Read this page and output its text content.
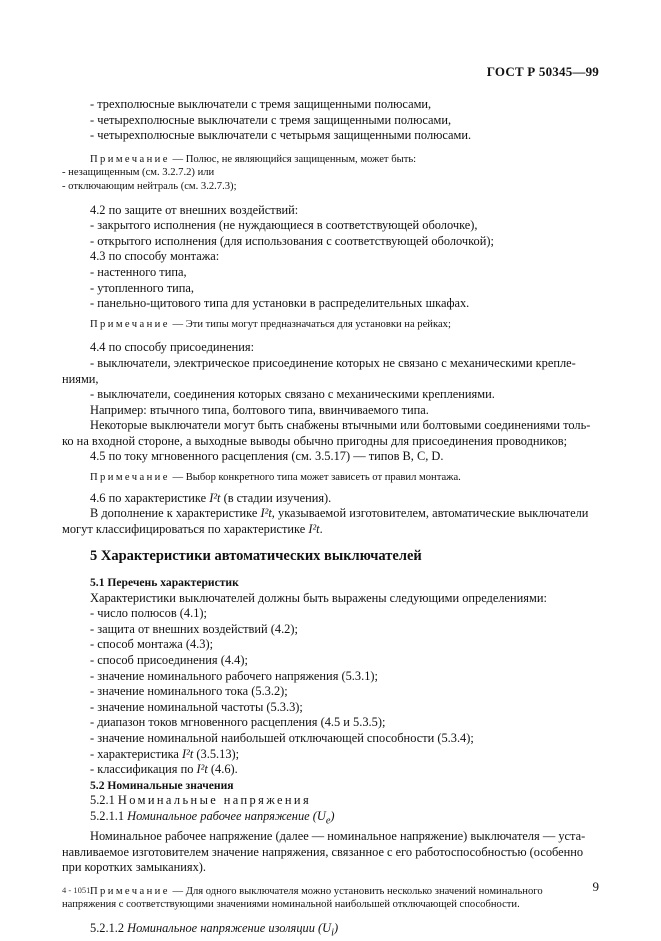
ГОСТ Р 50345—99

- трехполюсные выключатели с тремя защищенными полюсами,

- четырехполюсные выключатели с тремя защищенными полюсами,

- четырехполюсные выключатели с четырьмя защищенными полюсами.

Примечание — Полюс, не являющийся защищенным, может быть:

- незащищенным (см. 3.2.7.2) или

- отключающим нейтраль (см. 3.2.7.3);

4.2 по защите от внешних воздействий:

- закрытого исполнения (не нуждающиеся в соответствующей оболочке),

- открытого исполнения (для использования с соответствующей оболочкой);

4.3 по способу монтажа:

- настенного типа,

- утопленного типа,

- панельно-щитового типа для установки в распределительных шкафах.

Примечание — Эти типы могут предназначаться для установки на рейках;

4.4 по способу присоединения:

- выключатели, электрическое присоединение которых не связано с механическими крепле-ниями,

- выключатели, соединения которых связано с механическими креплениями.

Например: втычного типа, болтового типа, ввинчиваемого типа.

Некоторые выключатели могут быть снабжены втычными или болтовыми соединениями толь-ко на входной стороне, а выходные выводы обычно пригодны для присоединения проводников;

4.5 по току мгновенного расцепления (см. 3.5.17) — типов B, C, D.

Примечание — Выбор конкретного типа может зависеть от правил монтажа.

4.6 по характеристике I²t (в стадии изучения).

В дополнение к характеристике I²t, указываемой изготовителем, автоматические выключатели могут классифицироваться по характеристике I²t.

5 Характеристики автоматических выключателей

5.1 Перечень характеристик

Характеристики выключателей должны быть выражены следующими определениями:

- число полюсов (4.1);

- защита от внешних воздействий (4.2);

- способ монтажа (4.3);

- способ присоединения (4.4);

- значение номинального рабочего напряжения (5.3.1);

- значение номинального тока (5.3.2);

- значение номинальной частоты (5.3.3);

- диапазон токов мгновенного расцепления (4.5 и 5.3.5);

- значение номинальной наибольшей отключающей способности (5.3.4);

- характеристика I²t (3.5.13);

- классификация по I²t (4.6).

5.2 Номинальные значения

5.2.1 Номинальные напряжения

5.2.1.1 Номинальное рабочее напряжение $(U_e)$

Номинальное рабочее напряжение (далее — номинальное напряжение) выключателя — уста-навливаемое изготовителем значение напряжения, связанное с его работоспособностью (особенно при коротких замыканиях).

Примечание — Для одного выключателя можно установить несколько значений номинального напряжения с соответствующими значениями номинальной наибольшей отключающей способности.

5.2.1.2 Номинальное напряжение изоляции $(U_i)$

4 - 1051	9
